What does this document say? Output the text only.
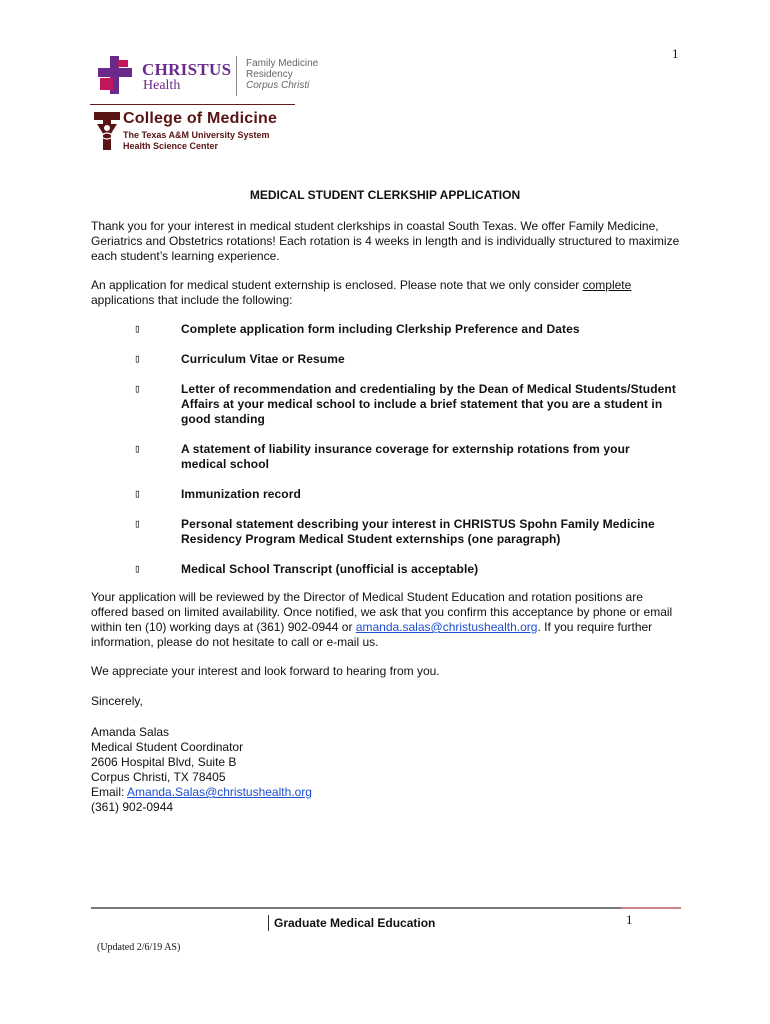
1
CHRISTUS
Health
Family Medicine
Residency
Corpus Christi
College of Medicine
The Texas A&M University System
Health Science Center
MEDICAL STUDENT CLERKSHIP APPLICATION
Thank you for your interest in medical student clerkships in coastal South Texas. We offer Family Medicine, Geriatrics and Obstetrics rotations! Each rotation is 4 weeks in length and is individually structured to maximize each student’s learning experience.
An application for medical student externship is enclosed. Please note that we only consider complete applications that include the following:
▯	Complete application form including Clerkship Preference and Dates
▯	Curriculum Vitae or Resume
▯	Letter of recommendation and credentialing by the Dean of Medical Students/Student Affairs at your medical school to include a brief statement that you are a student in good standing
▯	A statement of liability insurance coverage for externship rotations from your medical school
▯	Immunization record
▯	Personal statement describing your interest in CHRISTUS Spohn Family Medicine Residency Program Medical Student externships (one paragraph)
▯	Medical School Transcript (unofficial is acceptable)
Your application will be reviewed by the Director of Medical Student Education and rotation positions are offered based on limited availability. Once notified, we ask that you confirm this acceptance by phone or email within ten (10) working days at (361) 902-0944 or amanda.salas@christushealth.org. If you require further information, please do not hesitate to call or e-mail us.
We appreciate your interest and look forward to hearing from you.
Sincerely,
Amanda Salas
Medical Student Coordinator
2606 Hospital Blvd, Suite B
Corpus Christi, TX 78405
Email: Amanda.Salas@christushealth.org
(361) 902-0944
Graduate Medical Education	1
(Updated 2/6/19 AS)
